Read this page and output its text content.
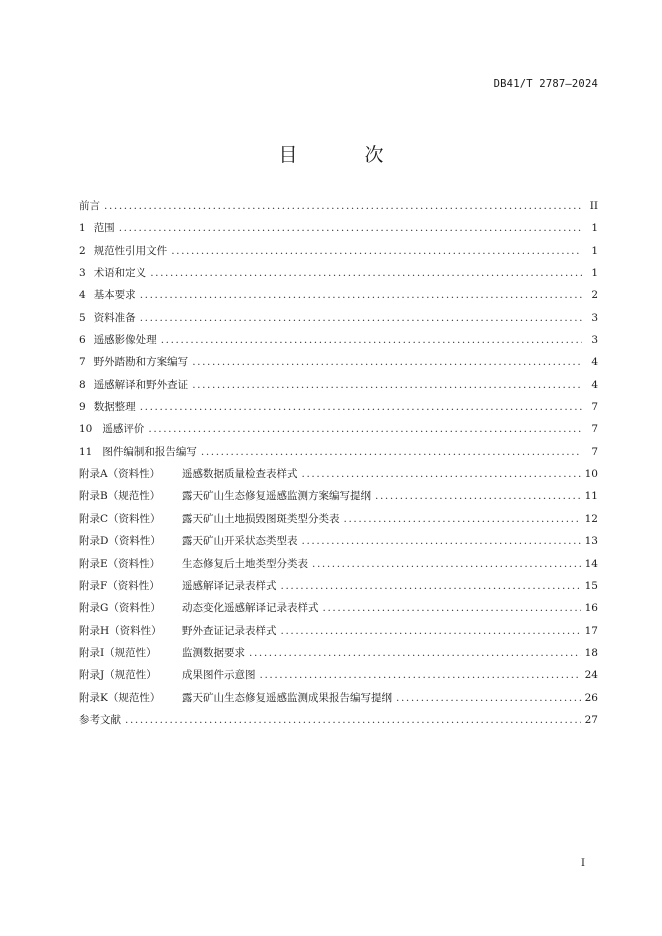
DB41/T 2787—2024
目　次
前言 .....	II
1 范围 .....	1
2 规范性引用文件 .....	1
3 术语和定义 .....	1
4 基本要求 .....	2
5 资料准备 .....	3
6 遥感影像处理 .....	3
7 野外踏勘和方案编写 .....	4
8 遥感解译和野外查证 .....	4
9 数据整理 .....	7
10 遥感评价 .....	7
11 图件编制和报告编写 .....	7
附录A（资料性）	遥感数据质量检查表样式 .....	10
附录B（规范性）	露天矿山生态修复遥感监测方案编写提纲 .....	11
附录C（资料性）	露天矿山土地损毁图斑类型分类表 .....	12
附录D（资料性）	露天矿山开采状态类型表 .....	13
附录E（资料性）	生态修复后土地类型分类表 .....	14
附录F（资料性）	遥感解译记录表样式 .....	15
附录G（资料性）	动态变化遥感解译记录表样式 .....	16
附录H（资料性）	野外查证记录表样式 .....	17
附录I（规范性）	监测数据要求 .....	18
附录J（规范性）	成果图件示意图 .....	24
附录K（规范性）	露天矿山生态修复遥感监测成果报告编写提纲 .....	26
参考文献 .....	27
I
